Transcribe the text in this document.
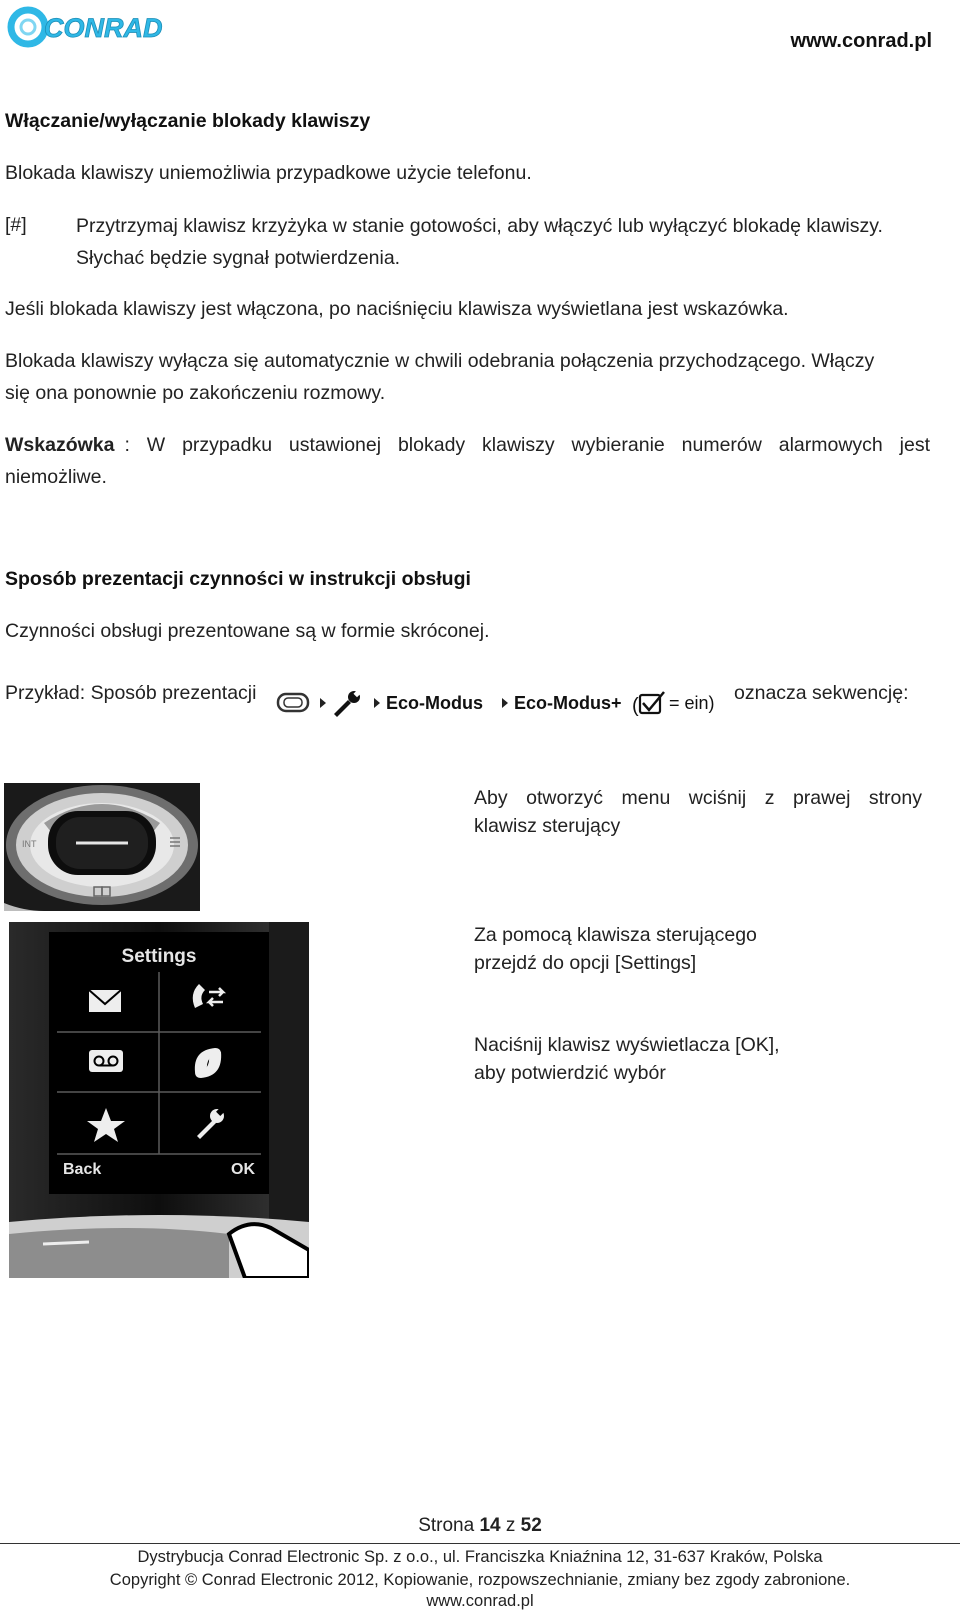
CONRAD	www.conrad.pl
Włączanie/wyłączanie blokady klawiszy
Blokada klawiszy uniemożliwia przypadkowe użycie telefonu.
[#]	Przytrzymaj klawisz krzyżyka w stanie gotowości, aby włączyć lub wyłączyć blokadę klawiszy.
Słychać będzie sygnał potwierdzenia.
Jeśli blokada klawiszy jest włączona, po naciśnięciu klawisza wyświetlana jest wskazówka.
Blokada klawiszy wyłącza się automatycznie w chwili odebrania połączenia przychodzącego. Włączy
się ona ponownie po zakończeniu rozmowy.
Wskazówka : W przypadku ustawionej blokady klawiszy wybieranie numerów alarmowych jest
niemożliwe.
Sposób prezentacji czynności w instrukcji obsługi
Czynności obsługi prezentowane są w formie skróconej.
Przykład: Sposób prezentacji	Eco-Modus Eco-Modus+ ( = ein) oznacza sekwencję:
INT
Settings
Back	OK
Aby otworzyć menu wciśnij z prawej strony
klawisz sterujący
Za pomocą klawisza sterującego
przejdź do opcji [Settings]
Naciśnij klawisz wyświetlacza [OK],
aby potwierdzić wybór
Strona 14 z 52
Dystrybucja Conrad Electronic Sp. z o.o., ul. Franciszka Kniaźnina 12, 31-637 Kraków, Polska
Copyright © Conrad Electronic 2012, Kopiowanie, rozpowszechnianie, zmiany bez zgody zabronione.
www.conrad.pl
